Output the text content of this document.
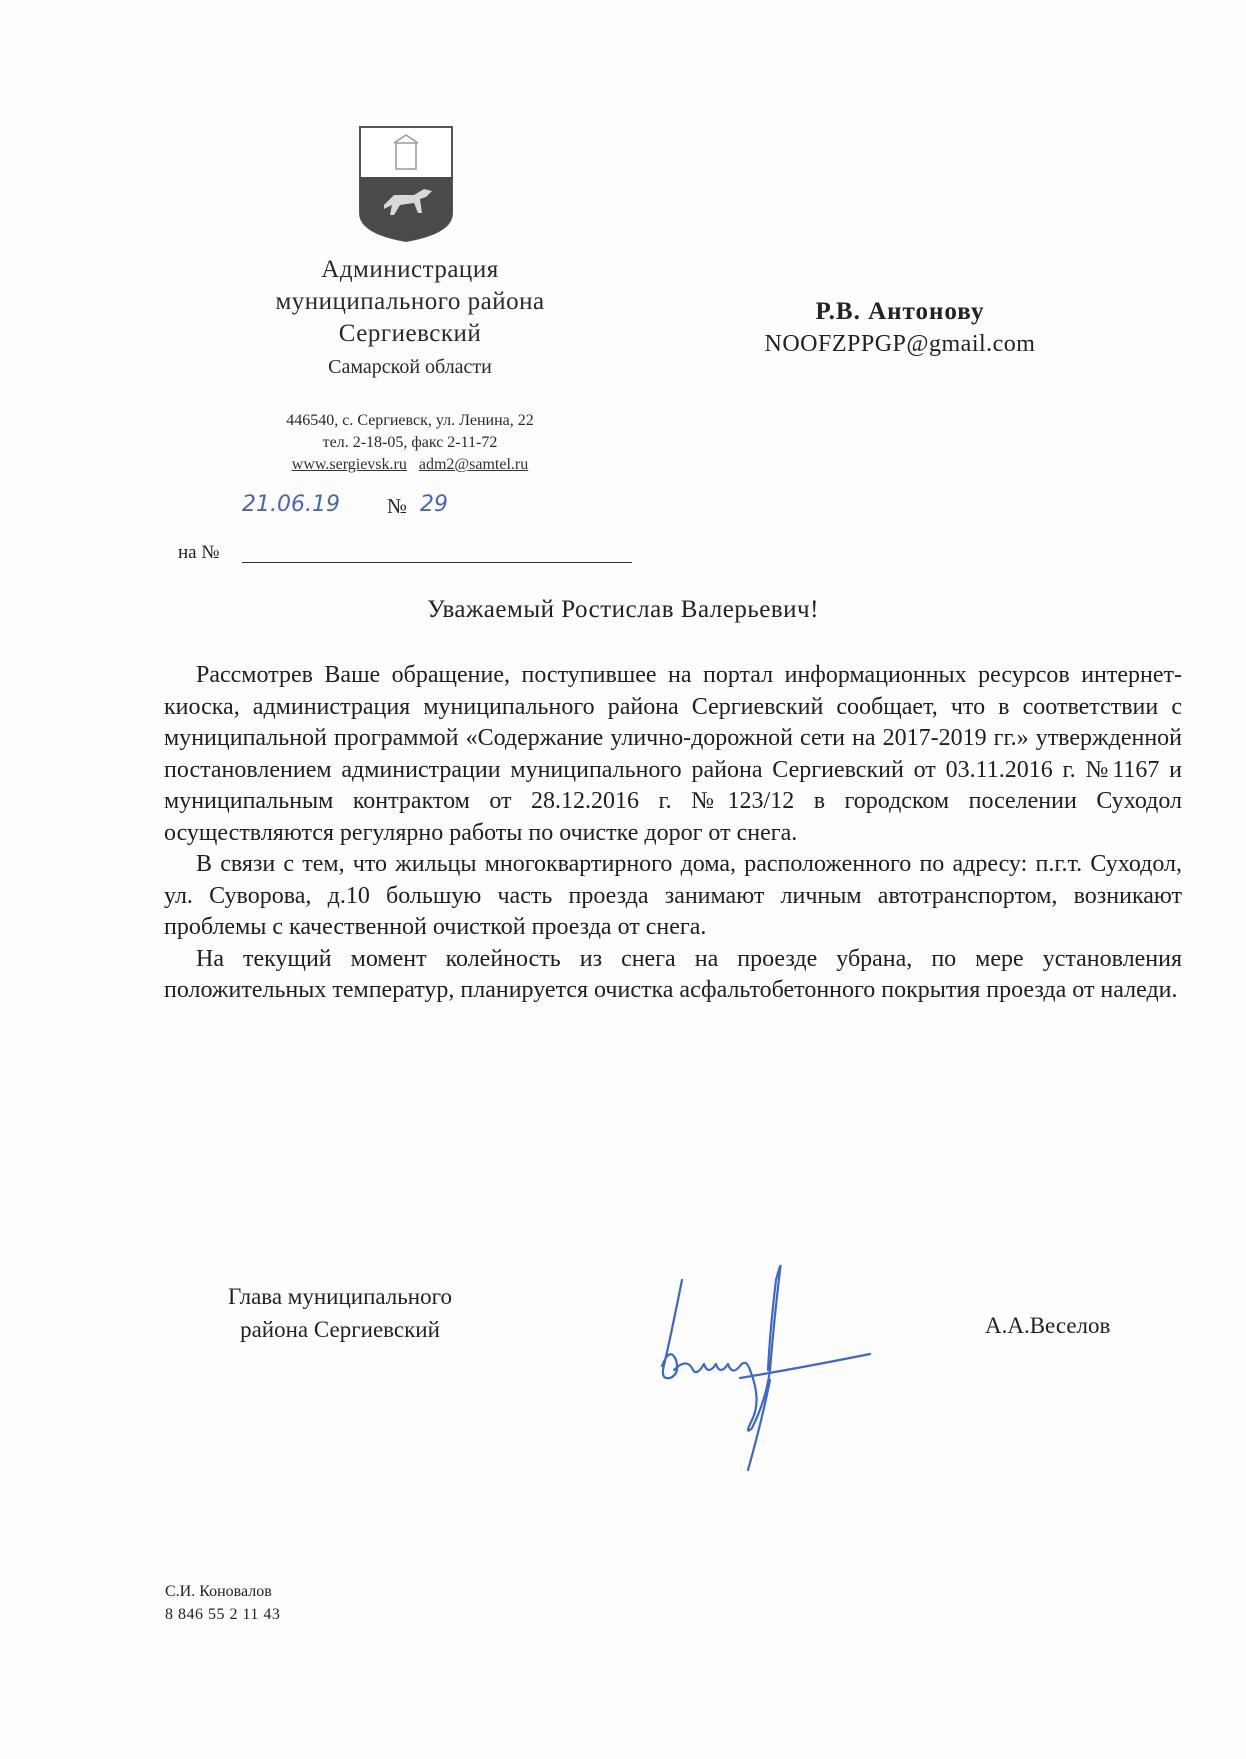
Администрация
муниципального района
Сергиевский
Самарской области
446540, с. Сергиевск, ул. Ленина, 22
тел. 2-18-05, факс 2-11-72
www.sergievsk.ru adm2@samtel.ru
Р.В. Антонову
NOOFZPPGP@gmail.com
21.06.19 № 29
на №
Уважаемый Ростислав Валерьевич!

Рассмотрев Ваше обращение, поступившее на портал информационных ресурсов интернет-киоска, администрация муниципального района Сергиевский сообщает, что в соответствии с муниципальной программой «Содержание улично-дорожной сети на 2017-2019 гг.» утвержденной постановлением администрации муниципального района Сергиевский от 03.11.2016 г. №1167 и муниципальным контрактом от 28.12.2016 г. №123/12 в городском поселении Суходол осуществляются регулярно работы по очистке дорог от снега.

В связи с тем, что жильцы многоквартирного дома, расположенного по адресу: п.г.т. Суходол, ул. Суворова, д.10 большую часть проезда занимают личным автотранспортом, возникают проблемы с качественной очисткой проезда от снега.

На текущий момент колейность из снега на проезде убрана, по мере установления положительных температур, планируется очистка асфальтобетонного покрытия проезда от наледи.

Глава муниципального
района Сергиевский	А.А.Веселов
С.И. Коновалов
8 846 55 2 11 43
